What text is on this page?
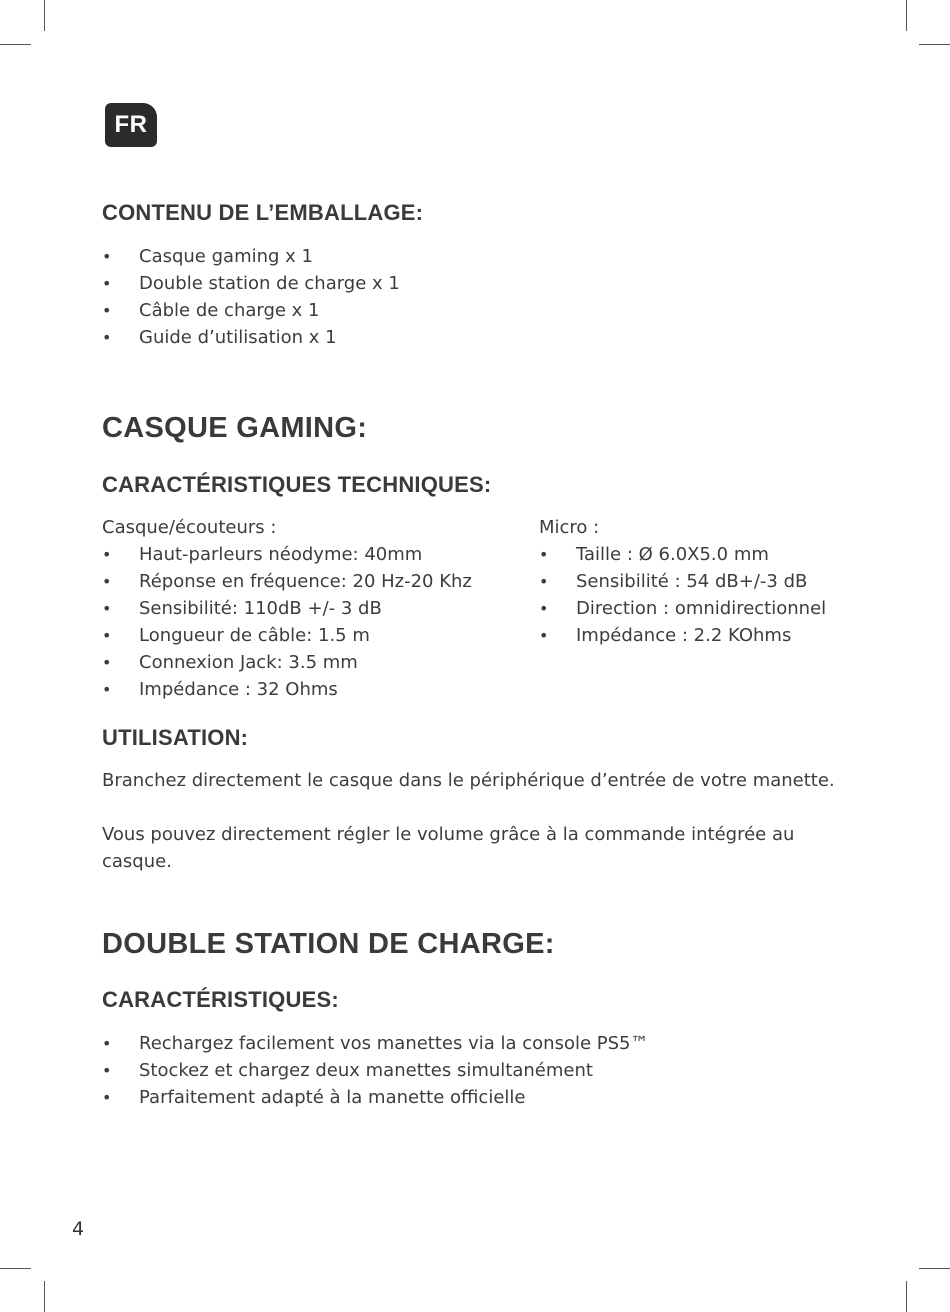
FR
CONTENU DE L’EMBALLAGE:
• Casque gaming x 1
• Double station de charge x 1
• Câble de charge x 1
• Guide d’utilisation x 1
CASQUE GAMING:
CARACTÉRISTIQUES TECHNIQUES:
Casque/écouteurs :
• Haut-parleurs néodyme: 40mm
• Réponse en fréquence: 20 Hz-20 Khz
• Sensibilité: 110dB +/- 3 dB
• Longueur de câble: 1.5 m
• Connexion Jack: 3.5 mm
• Impédance : 32 Ohms
Micro :
• Taille : Ø 6.0X5.0 mm
• Sensibilité : 54 dB+/-3 dB
• Direction : omnidirectionnel
• Impédance : 2.2 KOhms
UTILISATION:

Branchez directement le casque dans le périphérique d’entrée de votre manette.

Vous pouvez directement régler le volume grâce à la commande intégrée au casque.

DOUBLE STATION DE CHARGE:
CARACTÉRISTIQUES:
• Rechargez facilement vos manettes via la console PS5™
• Stockez et chargez deux manettes simultanément
• Parfaitement adapté à la manette officielle
4
